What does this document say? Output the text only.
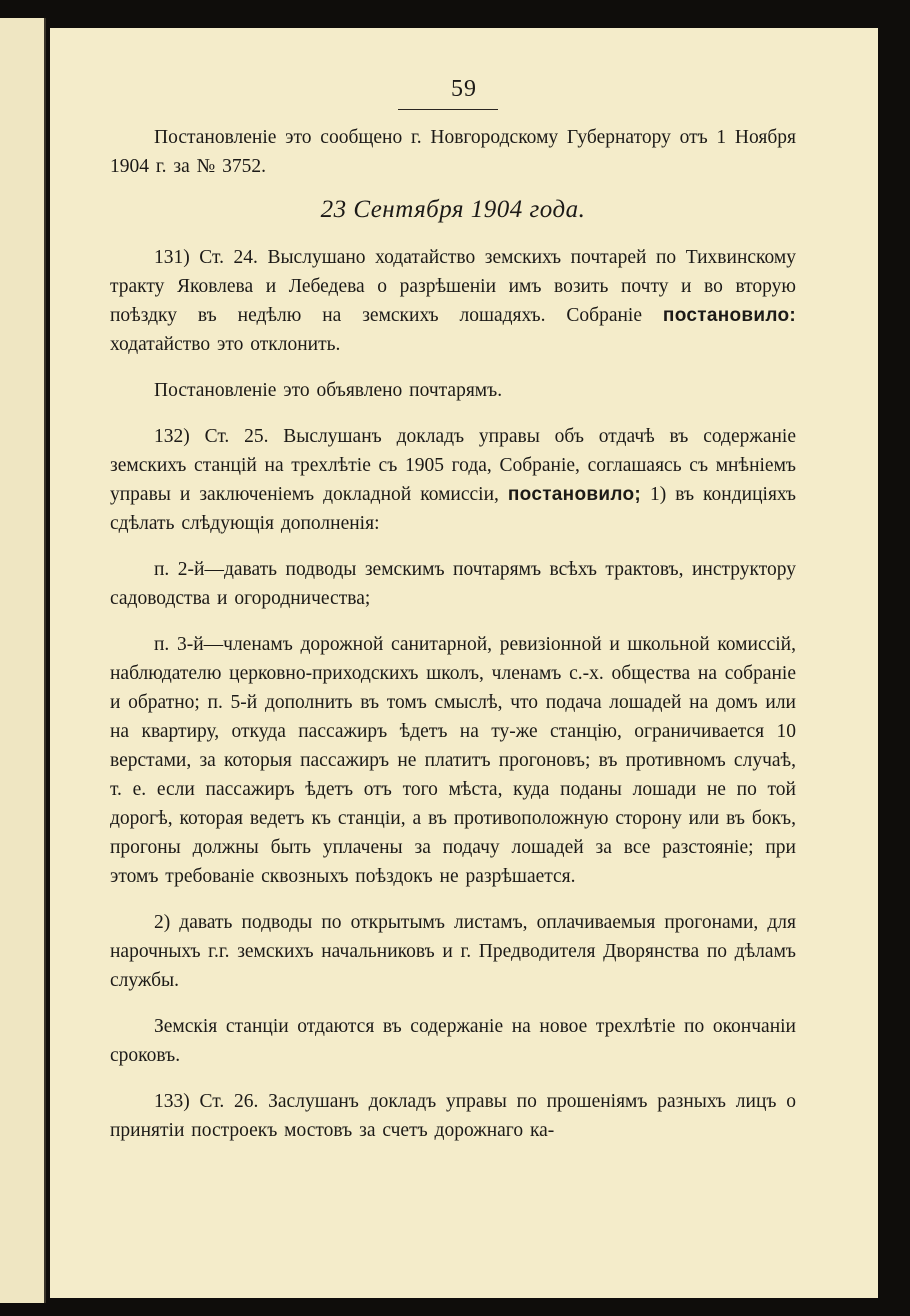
59

Постановленіе это сообщено г. Новгородскому Губернатору отъ 1 Ноября 1904 г. за № 3752.

23 Сентября 1904 года.

131) Ст. 24. Выслушано ходатайство земскихъ почтарей по Тихвинскому тракту Яковлева и Лебедева о разрѣшеніи имъ возить почту и во вторую поѣздку въ недѣлю на земскихъ лошадяхъ. Собраніе постановило: ходатайство это отклонить.

Постановленіе это объявлено почтарямъ.

132) Ст. 25. Выслушанъ докладъ управы объ отдачѣ въ содержаніе земскихъ станцій на трехлѣтіе съ 1905 года, Собраніе, соглашаясь съ мнѣніемъ управы и заключеніемъ докладной комиссіи, постановило; 1) въ кондиціяхъ сдѣлать слѣдующія дополненія:

п. 2-й—давать подводы земскимъ почтарямъ всѣхъ трактовъ, инструктору садоводства и огородничества;

п. 3-й—членамъ дорожной санитарной, ревизіонной и школьной комиссій, наблюдателю церковно-приходскихъ школъ, членамъ с.-х. общества на собраніе и обратно; п. 5-й дополнить въ томъ смыслѣ, что подача лошадей на домъ или на квартиру, откуда пассажиръ ѣдетъ на ту-же станцію, ограничивается 10 верстами, за которыя пассажиръ не платитъ прогоновъ; въ противномъ случаѣ, т. е. если пассажиръ ѣдетъ отъ того мѣста, куда поданы лошади не по той дорогѣ, которая ведетъ къ станціи, а въ противоположную сторону или въ бокъ, прогоны должны быть уплачены за подачу лошадей за все разстояніе; при этомъ требованіе сквозныхъ поѣздокъ не разрѣшается.

2) давать подводы по открытымъ листамъ, оплачиваемыя прогонами, для нарочныхъ г.г. земскихъ начальниковъ и г. Предводителя Дворянства по дѣламъ службы.

Земскія станціи отдаются въ содержаніе на новое трехлѣтіе по окончаніи сроковъ.

133) Ст. 26. Заслушанъ докладъ управы по прошеніямъ разныхъ лицъ о принятіи построекъ мостовъ за счетъ дорожнаго ка-
